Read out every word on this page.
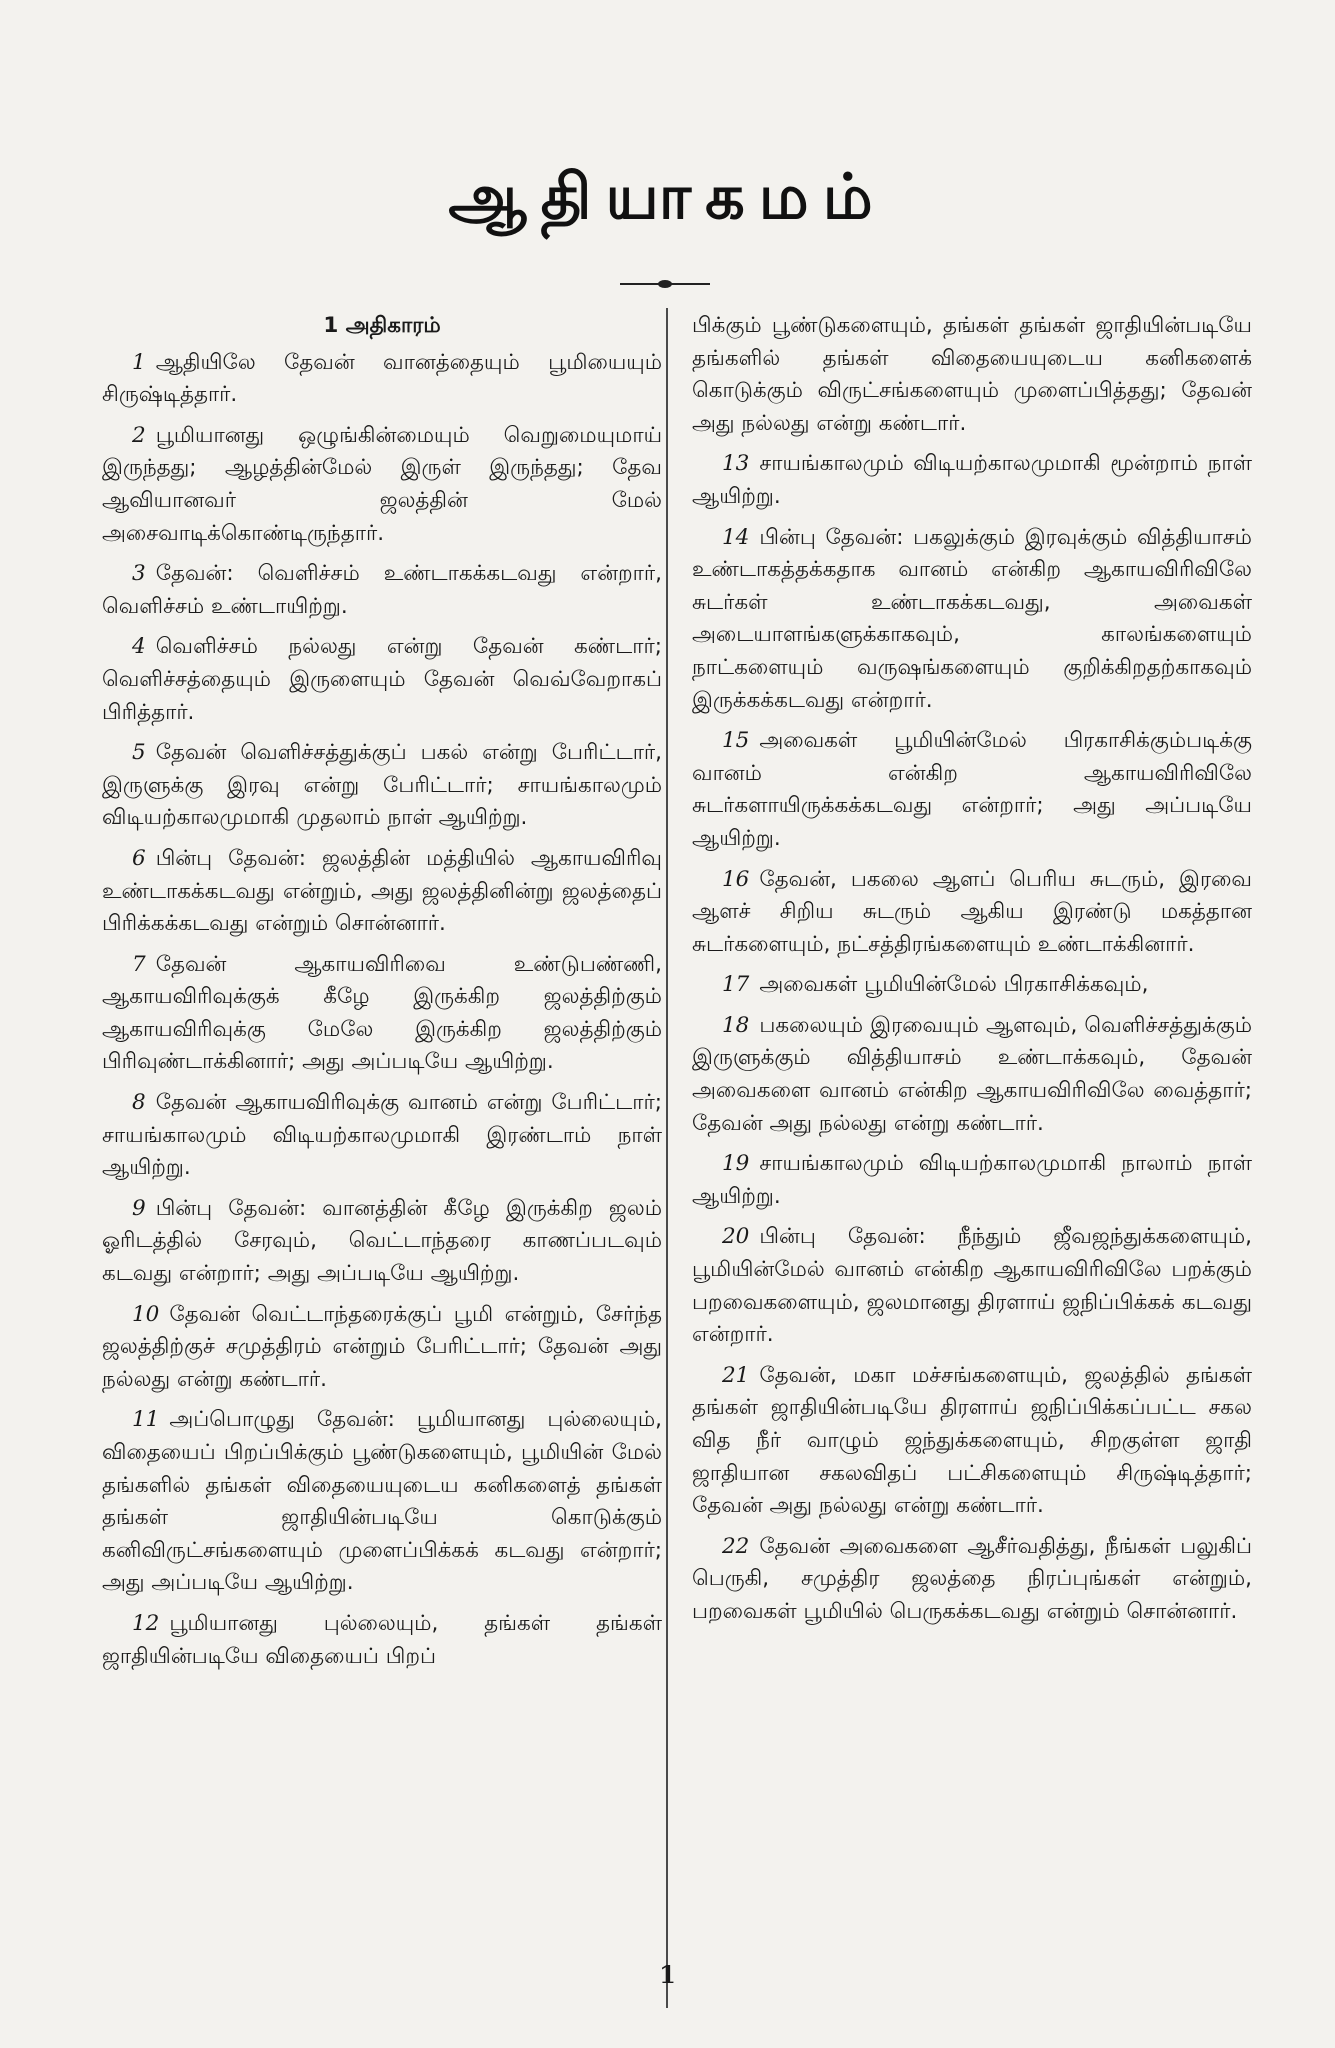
ஆதியாகமம்
1 அதிகாரம்

1 ஆதியிலே தேவன் வானத்தையும் பூமியையும் சிருஷ்டித்தார்.

2 பூமியானது ஒழுங்கின்மையும் வெறுமையுமாய் இருந்தது; ஆழத்தின்மேல் இருள் இருந்தது; தேவ ஆவியானவர் ஜலத்தின் மேல் அசைவாடிக்கொண்டிருந்தார்.

3 தேவன்: வெளிச்சம் உண்டாகக்கடவது என்றார், வெளிச்சம் உண்டாயிற்று.

4 வெளிச்சம் நல்லது என்று தேவன் கண்டார்; வெளிச்சத்தையும் இருளையும் தேவன் வெவ்வேறாகப் பிரித்தார்.

5 தேவன் வெளிச்சத்துக்குப் பகல் என்று பேரிட்டார், இருளுக்கு இரவு என்று பேரிட்டார்; சாயங்காலமும் விடியற்காலமுமாகி முதலாம் நாள் ஆயிற்று.

6 பின்பு தேவன்: ஜலத்தின் மத்தியில் ஆகாயவிரிவு உண்டாகக்கடவது என்றும், அது ஜலத்தினின்று ஜலத்தைப் பிரிக்கக்கடவது என்றும் சொன்னார்.

7 தேவன் ஆகாயவிரிவை உண்டுபண்ணி, ஆகாயவிரிவுக்குக் கீழே இருக்கிற ஜலத்திற்கும் ஆகாயவிரிவுக்கு மேலே இருக்கிற ஜலத்திற்கும் பிரிவுண்டாக்கினார்; அது அப்படியே ஆயிற்று.

8 தேவன் ஆகாயவிரிவுக்கு வானம் என்று பேரிட்டார்; சாயங்காலமும் விடியற்காலமுமாகி இரண்டாம் நாள் ஆயிற்று.

9 பின்பு தேவன்: வானத்தின் கீழே இருக்கிற ஜலம் ஓரிடத்தில் சேரவும், வெட்டாந்தரை காணப்படவும் கடவது என்றார்; அது அப்படியே ஆயிற்று.

10 தேவன் வெட்டாந்தரைக்குப் பூமி என்றும், சேர்ந்த ஜலத்திற்குச் சமுத்திரம் என்றும் பேரிட்டார்; தேவன் அது நல்லது என்று கண்டார்.

11 அப்பொழுது தேவன்: பூமியானது புல்லையும், விதையைப் பிறப்பிக்கும் பூண்டுகளையும், பூமியின் மேல் தங்களில் தங்கள் விதையையுடைய கனிகளைத் தங்கள் தங்கள் ஜாதியின்படியே கொடுக்கும் கனிவிருட்சங்களையும் முளைப்பிக்கக் கடவது என்றார்; அது அப்படியே ஆயிற்று.

12 பூமியானது புல்லையும், தங்கள் தங்கள் ஜாதியின்படியே விதையைப் பிறப்

பிக்கும் பூண்டுகளையும், தங்கள் தங்கள் ஜாதியின்படியே தங்களில் தங்கள் விதையையுடைய கனிகளைக் கொடுக்கும் விருட்சங்களையும் முளைப்பித்தது; தேவன் அது நல்லது என்று கண்டார்.

13 சாயங்காலமும் விடியற்காலமுமாகி மூன்றாம் நாள் ஆயிற்று.

14 பின்பு தேவன்: பகலுக்கும் இரவுக்கும் வித்தியாசம் உண்டாகத்தக்கதாக வானம் என்கிற ஆகாயவிரிவிலே சுடர்கள் உண்டாகக்கடவது, அவைகள் அடையாளங்களுக்காகவும், காலங்களையும் நாட்களையும் வருஷங்களையும் குறிக்கிறதற்காகவும் இருக்கக்கடவது என்றார்.

15 அவைகள் பூமியின்மேல் பிரகாசிக்கும்படிக்கு வானம் என்கிற ஆகாயவிரிவிலே சுடர்களாயிருக்கக்கடவது என்றார்; அது அப்படியே ஆயிற்று.

16 தேவன், பகலை ஆளப் பெரிய சுடரும், இரவை ஆளச் சிறிய சுடரும் ஆகிய இரண்டு மகத்தான சுடர்களையும், நட்சத்திரங்களையும் உண்டாக்கினார்.

17 அவைகள் பூமியின்மேல் பிரகாசிக்கவும்,

18 பகலையும் இரவையும் ஆளவும், வெளிச்சத்துக்கும் இருளுக்கும் வித்தியாசம் உண்டாக்கவும், தேவன் அவைகளை வானம் என்கிற ஆகாயவிரிவிலே வைத்தார்; தேவன் அது நல்லது என்று கண்டார்.

19 சாயங்காலமும் விடியற்காலமுமாகி நாலாம் நாள் ஆயிற்று.

20 பின்பு தேவன்: நீந்தும் ஜீவஜந்துக்களையும், பூமியின்மேல் வானம் என்கிற ஆகாயவிரிவிலே பறக்கும் பறவைகளையும், ஜலமானது திரளாய் ஜநிப்பிக்கக் கடவது என்றார்.

21 தேவன், மகா மச்சங்களையும், ஜலத்தில் தங்கள் தங்கள் ஜாதியின்படியே திரளாய் ஜநிப்பிக்கப்பட்ட சகல வித நீர் வாழும் ஜந்துக்களையும், சிறகுள்ள ஜாதி ஜாதியான சகலவிதப் பட்சிகளையும் சிருஷ்டித்தார்; தேவன் அது நல்லது என்று கண்டார்.

22 தேவன் அவைகளை ஆசீர்வதித்து, நீங்கள் பலுகிப் பெருகி, சமுத்திர ஜலத்தை நிரப்புங்கள் என்றும், பறவைகள் பூமியில் பெருகக்கடவது என்றும் சொன்னார்.

1
